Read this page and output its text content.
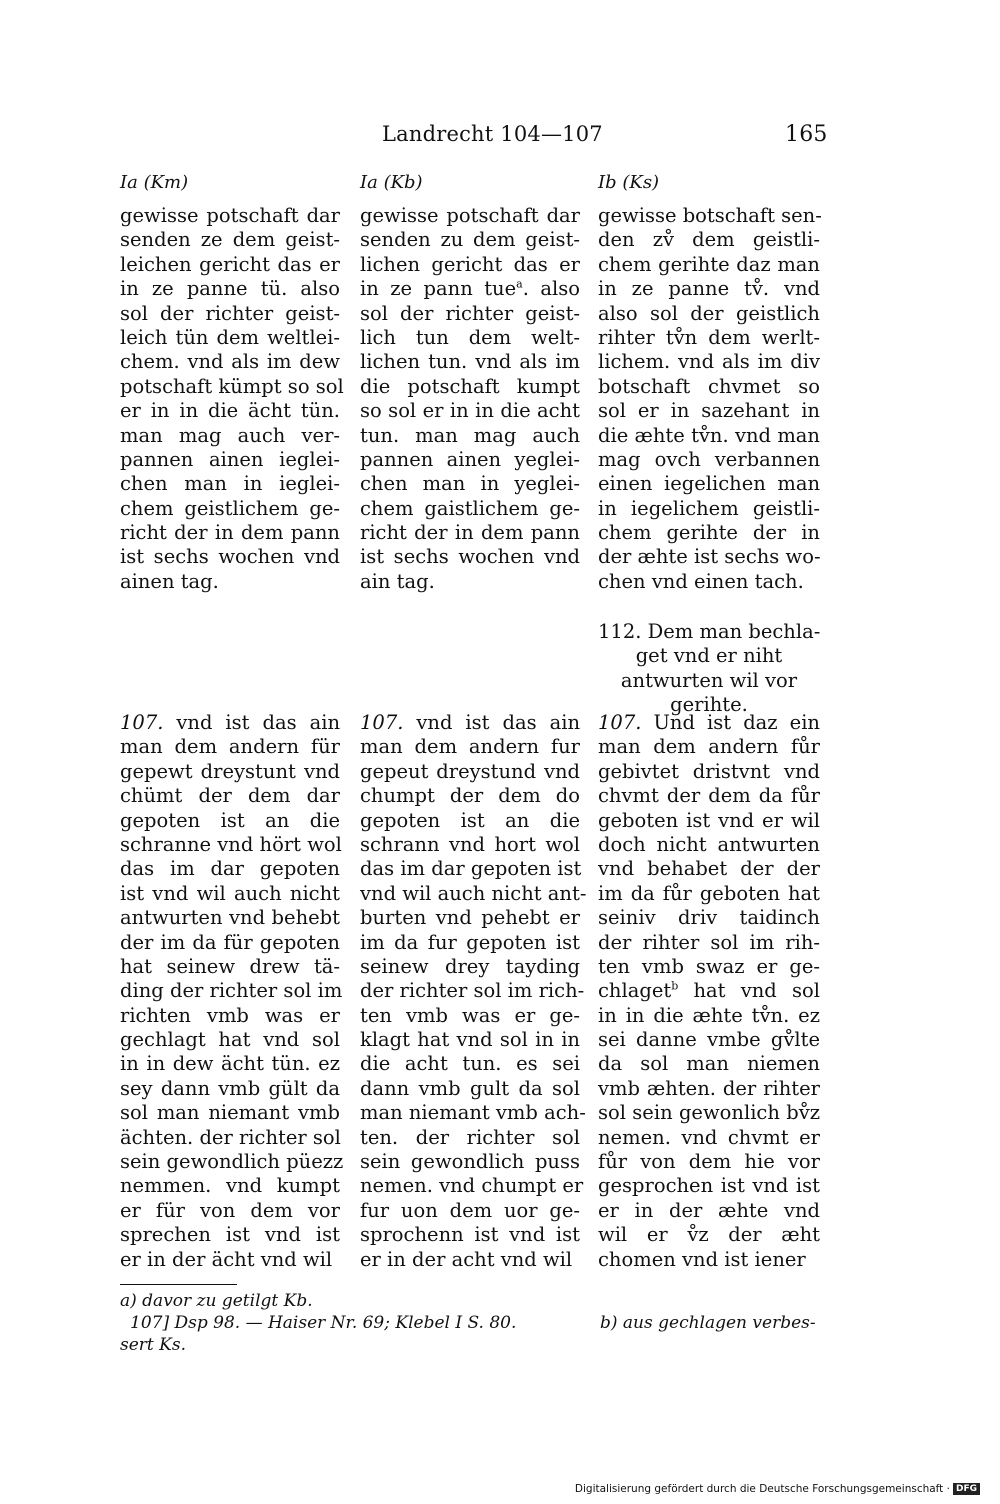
Landrecht 104—107	165
Ia (Km)	Ia (Kb)	Ib (Ks)
gewisse potschaft dar
senden ze dem geist-
leichen gericht das er
in ze panne tü. also
sol der richter geist-
leich tün dem weltlei-
chem. vnd als im dew
potschaft kümpt so sol
er in in die ächt tün.
man mag auch ver-
pannen ainen ieglei-
chen man in ieglei-
chem geistlichem ge-
richt der in dem pann
ist sechs wochen vnd
ainen tag.
gewisse potschaft dar
senden zu dem geist-
lichen gericht das er
in ze pann tue$^a$. also
sol der richter geist-
lich tun dem welt-
lichen tun. vnd als im
die potschaft kumpt
so sol er in in die acht
tun. man mag auch
pannen ainen yeglei-
chen man in yeglei-
chem gaistlichem ge-
richt der in dem pann
ist sechs wochen vnd
ain tag.
gewisse botschaft sen-
den zv̊ dem geistli-
chem gerihte daz man
in ze panne tv̊. vnd
also sol der geistlich
rihter tv̊n dem werlt-
lichem. vnd als im div
botschaft chvmet so
sol er in sazehant in
die æhte tv̊n. vnd man
mag ovch verbannen
einen iegelichen man
in iegelichem geistli-
chem gerihte der in
der æhte ist sechs wo-
chen vnd einen tach.
112. Dem man bechla-
get vnd er niht
antwurten wil vor
gerihte.
107. vnd ist das ain
man dem andern für
gepewt dreystunt vnd
chümt der dem dar
gepoten ist an die
schranne vnd hört wol
das im dar gepoten
ist vnd wil auch nicht
antwurten vnd behebt
der im da für gepoten
hat seinew drew tä-
ding der richter sol im
richten vmb was er
gechlagt hat vnd sol
in in dew ächt tün. ez
sey dann vmb gült da
sol man niemant vmb
ächten. der richter sol
sein gewondlich püezz
nemmen. vnd kumpt
er für von dem vor
sprechen ist vnd ist
er in der ächt vnd wil
107. vnd ist das ain
man dem andern fur
gepeut dreystund vnd
chumpt der dem do
gepoten ist an die
schrann vnd hort wol
das im dar gepoten ist
vnd wil auch nicht ant-
burten vnd pehebt er
im da fur gepoten ist
seinew drey tayding
der richter sol im rich-
ten vmb was er ge-
klagt hat vnd sol in in
die acht tun. es sei
dann vmb gult da sol
man niemant vmb ach-
ten. der richter sol
sein gewondlich puss
nemen. vnd chumpt er
fur uon dem uor ge-
sprochenn ist vnd ist
er in der acht vnd wil
107. Und ist daz ein
man dem andern fůr
gebivtet dristvnt vnd
chvmt der dem da fůr
geboten ist vnd er wil
doch nicht antwurten
vnd behabet der der
im da fůr geboten hat
seiniv driv taidinch
der rihter sol im rih-
ten vmb swaz er ge-
chlaget$^b$ hat vnd sol
in in die æhte tv̊n. ez
sei danne vmbe gv̊lte
da sol man niemen
vmb æhten. der rihter
sol sein gewonlich bv̊z
nemen. vnd chvmt er
fůr von dem hie vor
gesprochen ist vnd ist
er in der æhte vnd
wil er v̊z der æht
chomen vnd ist iener
a) davor zu getilgt Kb.
107] Dsp 98. — Haiser Nr. 69; Klebel I S. 80.
sert Ks.
b) aus gechlagen verbes-
Digitalisierung gefördert durch die Deutsche Forschungsgemeinschaft · DFG
